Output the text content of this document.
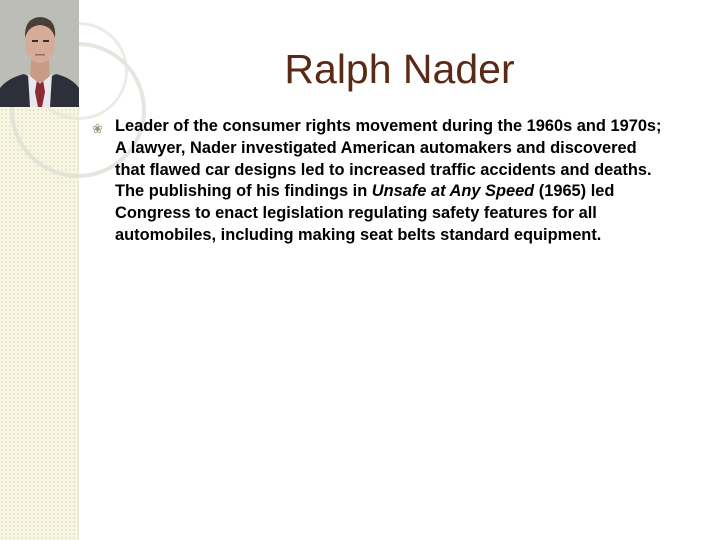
Ralph Nader
❀ Leader of the consumer rights movement during the 1960s and 1970s;
A lawyer, Nader investigated American automakers and discovered
that flawed car designs led to increased traffic accidents and deaths.
The publishing of his findings in Unsafe at Any Speed (1965) led
Congress to enact legislation regulating safety features for all
automobiles, including making seat belts standard equipment.
